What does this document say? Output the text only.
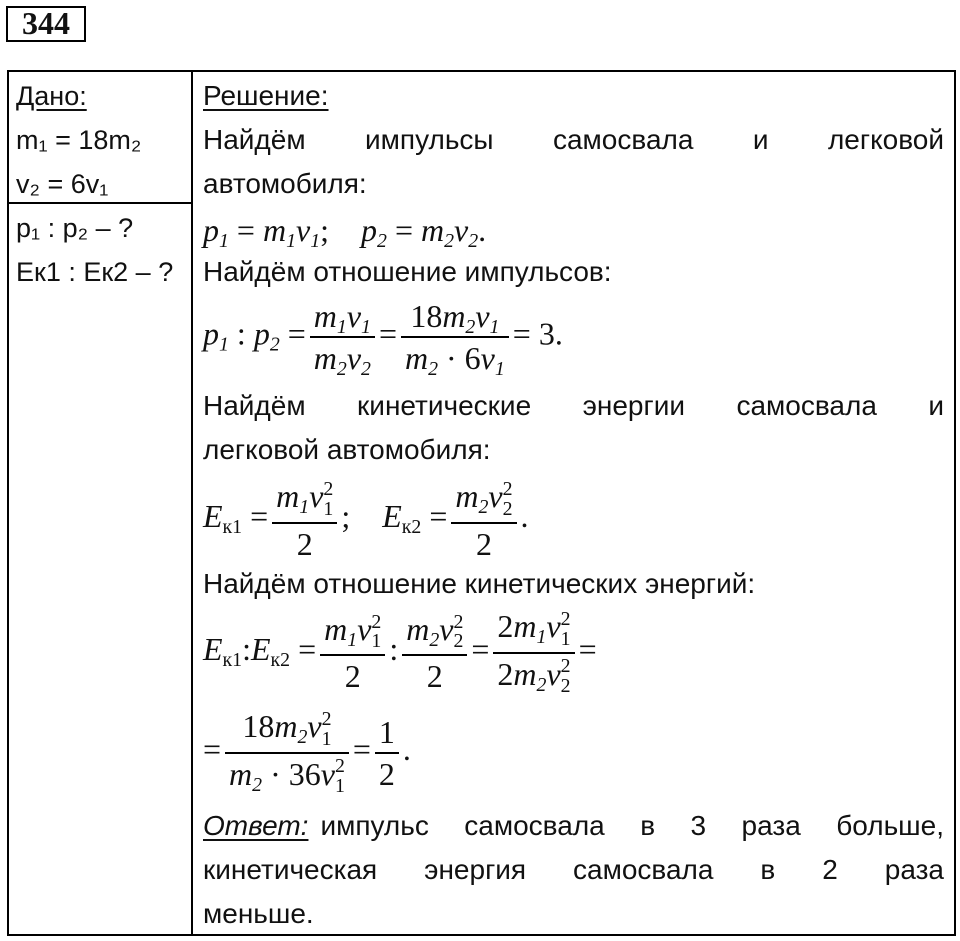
344
Дано:
m₁ = 18m₂
v₂ = 6v₁
p₁ : p₂ – ?
Eк1 : Eк2 – ?
Решение:
Найдём импульсы самосвала и легковой
автомобиля:
$p_1 = m_1v_1$;    $p_2 = m_2v_2$.
Найдём отношение импульсов:
$p_1$ : $p_2 = \frac{m_1v_1}{m_2v_2} = \frac{18m_2v_1}{m_2 \cdot 6v_1} = 3$.
Найдём кинетические энергии самосвала и
легковой автомобиля:
$E_{к1} = m_1v$ 2
1
2 ;    $E_{к2} = m_2v$ 2
2
2 .
Найдём отношение кинетических энергий:
$E_{к1}:E_{к2} = m_1v$ 2
1
2 : $m_2v$ 2
2
$2 = 2m_1v$ 2
1
$2m_2v$ 2
2 =
= $18m_2v$ 2
1
$m_2 \cdot 36v$ 2
$1 = \frac{1}{2}$ .
Ответ: импульс самосвала в 3 раза больше,
кинетическая энергия самосвала в 2 раза
меньше.
